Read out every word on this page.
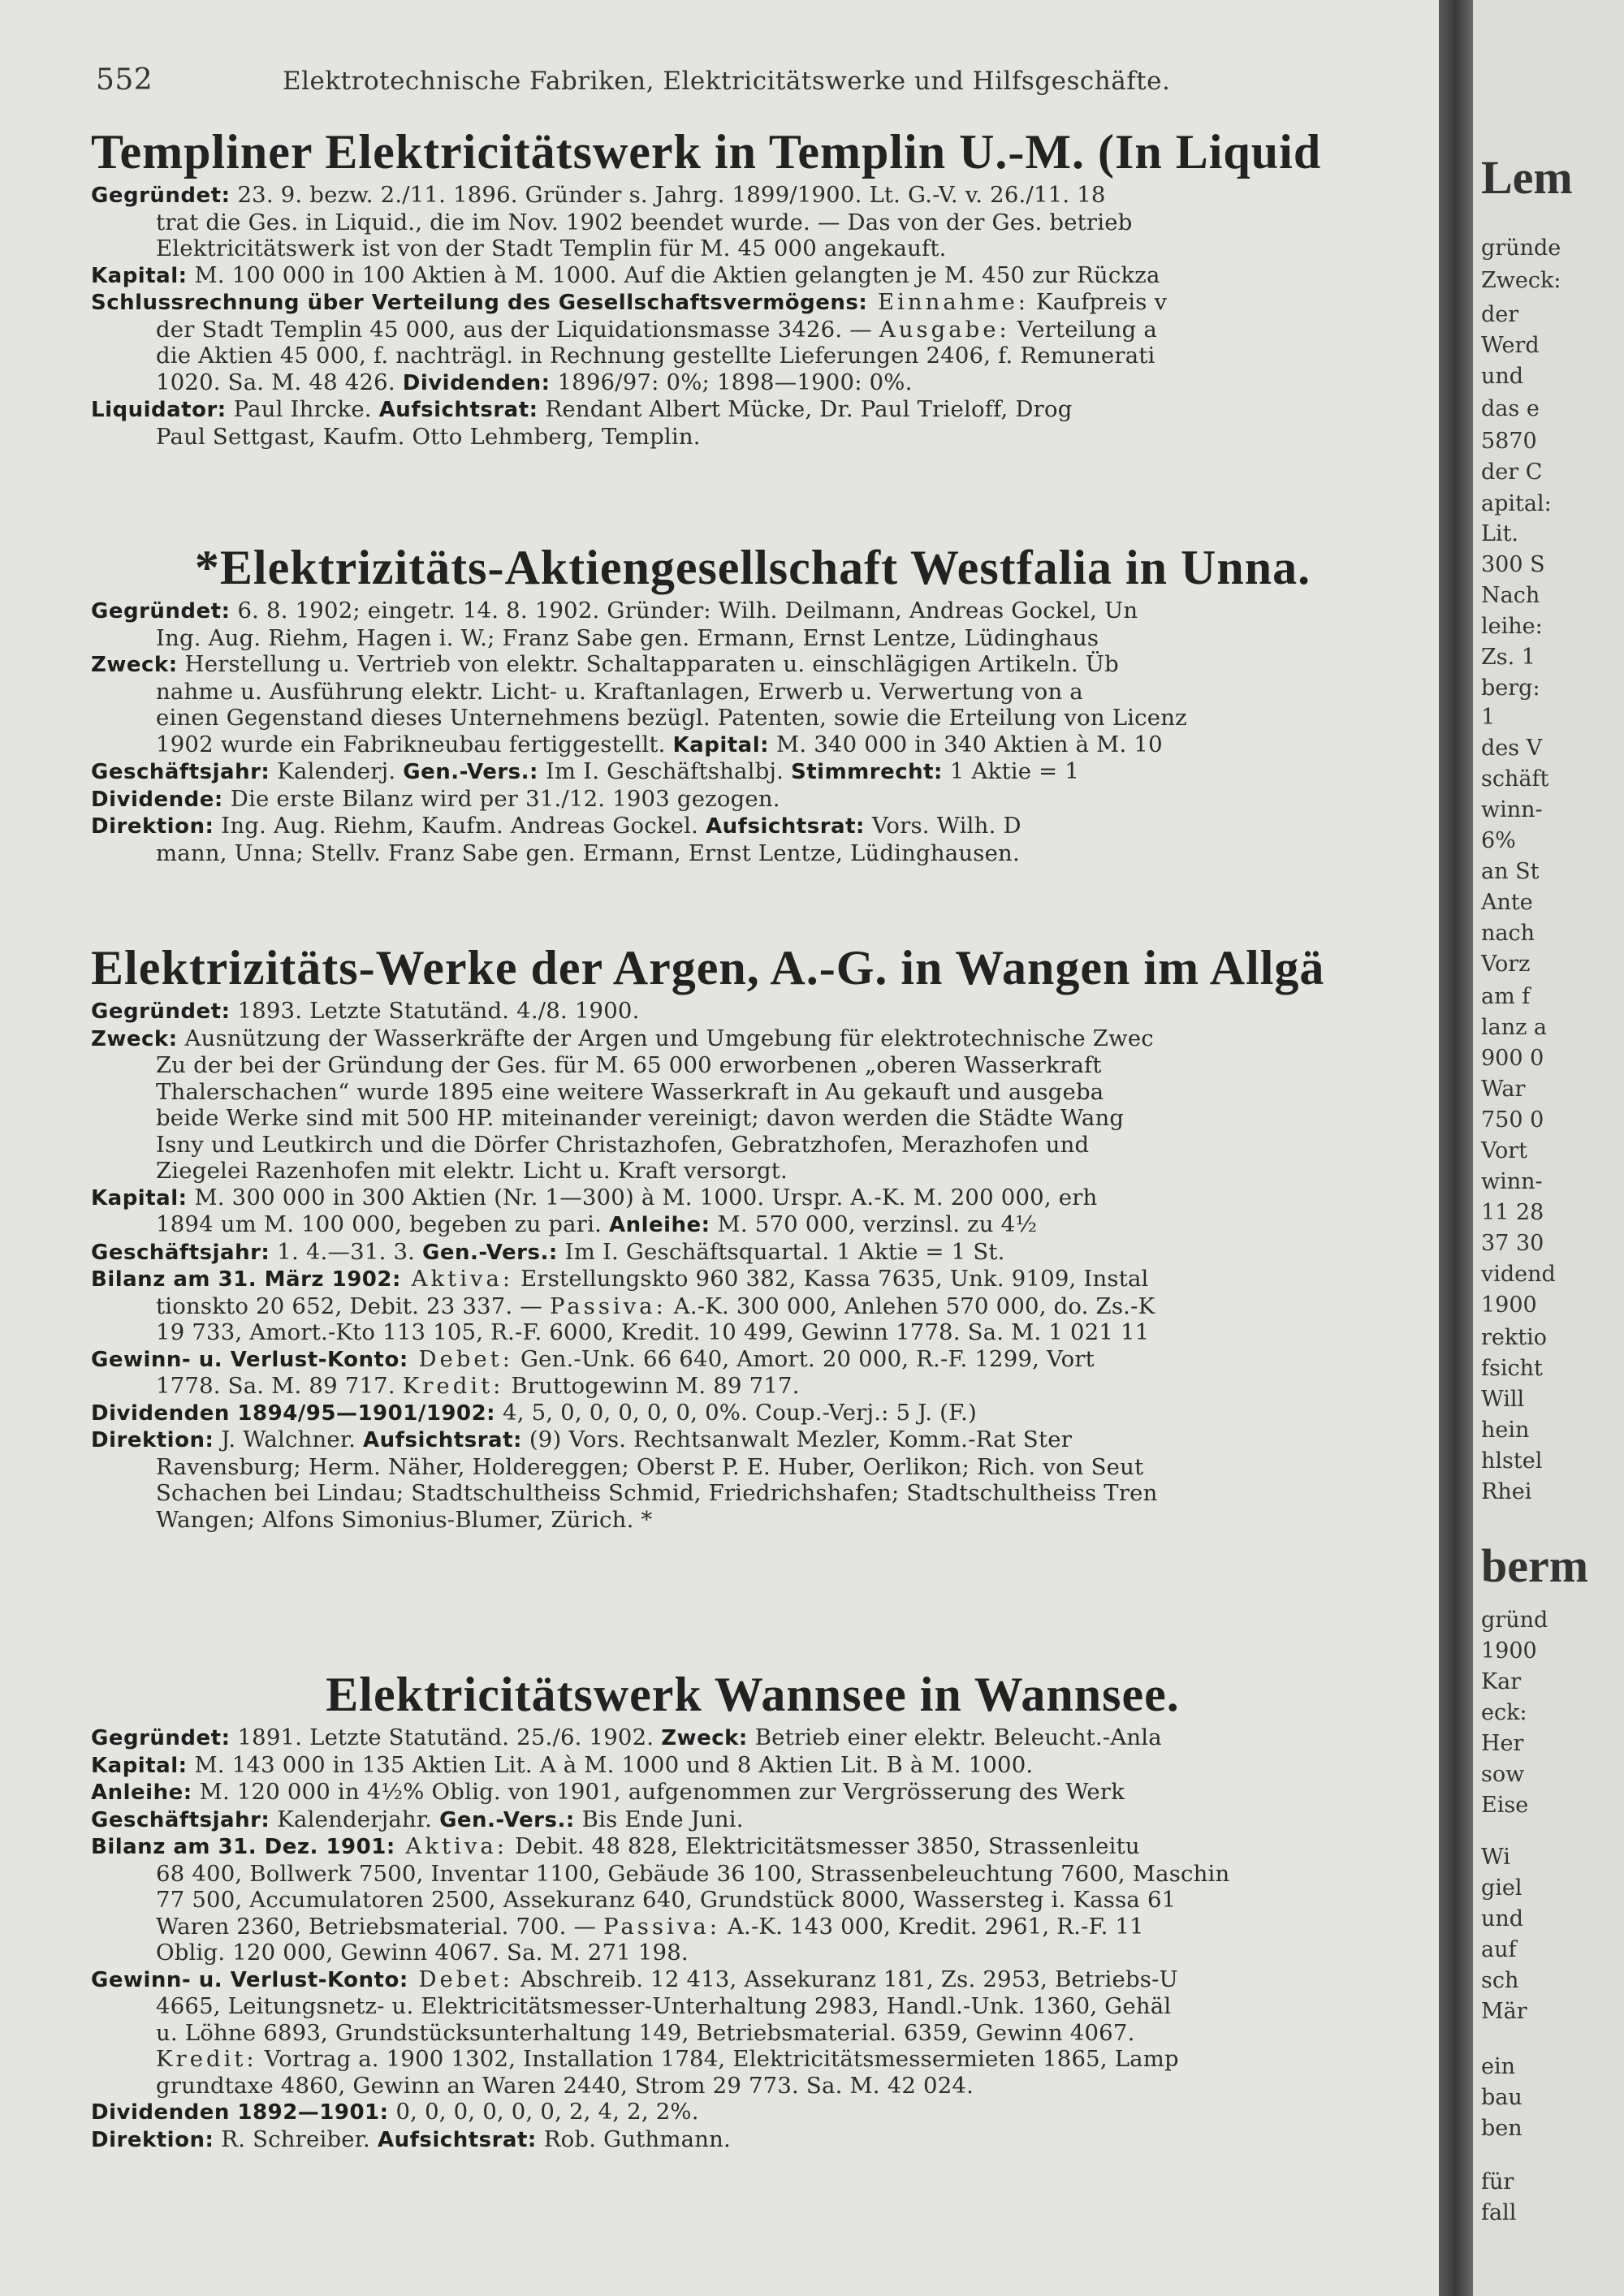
552	Elektrotechnische Fabriken, Elektricitätswerke und Hilfsgeschäfte.
Templiner Elektricitätswerk in Templin U.-M. (In Liquid
Gegründet: 23. 9. bezw. 2./11. 1896. Gründer s. Jahrg. 1899/1900. Lt. G.-V. v. 26./11. 18
trat die Ges. in Liquid., die im Nov. 1902 beendet wurde. — Das von der Ges. betrieb
Elektricitätswerk ist von der Stadt Templin für M. 45 000 angekauft.
Kapital: M. 100 000 in 100 Aktien à M. 1000. Auf die Aktien gelangten je M. 450 zur Rückza
Schlussrechnung über Verteilung des Gesellschaftsvermögens: Einnahme: Kaufpreis v
der Stadt Templin 45 000, aus der Liquidationsmasse 3426. — Ausgabe: Verteilung a
die Aktien 45 000, f. nachträgl. in Rechnung gestellte Lieferungen 2406, f. Remunerati
1020. Sa. M. 48 426. Dividenden: 1896/97: 0%; 1898—1900: 0%.
Liquidator: Paul Ihrcke. Aufsichtsrat: Rendant Albert Mücke, Dr. Paul Trieloff, Drog
Paul Settgast, Kaufm. Otto Lehmberg, Templin.
*Elektrizitäts-Aktiengesellschaft Westfalia in Unna.
Gegründet: 6. 8. 1902; eingetr. 14. 8. 1902. Gründer: Wilh. Deilmann, Andreas Gockel, Un
Ing. Aug. Riehm, Hagen i. W.; Franz Sabe gen. Ermann, Ernst Lentze, Lüdinghaus
Zweck: Herstellung u. Vertrieb von elektr. Schaltapparaten u. einschlägigen Artikeln. Üb
nahme u. Ausführung elektr. Licht- u. Kraftanlagen, Erwerb u. Verwertung von a
einen Gegenstand dieses Unternehmens bezügl. Patenten, sowie die Erteilung von Licenz
1902 wurde ein Fabrikneubau fertiggestellt. Kapital: M. 340 000 in 340 Aktien à M. 10
Geschäftsjahr: Kalenderj. Gen.-Vers.: Im I. Geschäftshalbj. Stimmrecht: 1 Aktie = 1
Dividende: Die erste Bilanz wird per 31./12. 1903 gezogen.
Direktion: Ing. Aug. Riehm, Kaufm. Andreas Gockel. Aufsichtsrat: Vors. Wilh. D
mann, Unna; Stellv. Franz Sabe gen. Ermann, Ernst Lentze, Lüdinghausen.
Elektrizitäts-Werke der Argen, A.-G. in Wangen im Allgä
Gegründet: 1893. Letzte Statutänd. 4./8. 1900.
Zweck: Ausnützung der Wasserkräfte der Argen und Umgebung für elektrotechnische Zwec
Zu der bei der Gründung der Ges. für M. 65 000 erworbenen „oberen Wasserkraft
Thalerschachen“ wurde 1895 eine weitere Wasserkraft in Au gekauft und ausgeba
beide Werke sind mit 500 HP. miteinander vereinigt; davon werden die Städte Wang
Isny und Leutkirch und die Dörfer Christazhofen, Gebratzhofen, Merazhofen und
Ziegelei Razenhofen mit elektr. Licht u. Kraft versorgt.
Kapital: M. 300 000 in 300 Aktien (Nr. 1—300) à M. 1000. Urspr. A.-K. M. 200 000, erh
1894 um M. 100 000, begeben zu pari. Anleihe: M. 570 000, verzinsl. zu 4½
Geschäftsjahr: 1. 4.—31. 3. Gen.-Vers.: Im I. Geschäftsquartal. 1 Aktie = 1 St.
Bilanz am 31. März 1902: Aktiva: Erstellungskto 960 382, Kassa 7635, Unk. 9109, Instal
tionskto 20 652, Debit. 23 337. — Passiva: A.-K. 300 000, Anlehen 570 000, do. Zs.-K
19 733, Amort.-Kto 113 105, R.-F. 6000, Kredit. 10 499, Gewinn 1778. Sa. M. 1 021 11
Gewinn- u. Verlust-Konto: Debet: Gen.-Unk. 66 640, Amort. 20 000, R.-F. 1299, Vort
1778. Sa. M. 89 717. Kredit: Bruttogewinn M. 89 717.
Dividenden 1894/95—1901/1902: 4, 5, 0, 0, 0, 0, 0, 0%. Coup.-Verj.: 5 J. (F.)
Direktion: J. Walchner. Aufsichtsrat: (9) Vors. Rechtsanwalt Mezler, Komm.-Rat Ster
Ravensburg; Herm. Näher, Holdereggen; Oberst P. E. Huber, Oerlikon; Rich. von Seut
Schachen bei Lindau; Stadtschultheiss Schmid, Friedrichshafen; Stadtschultheiss Tren
Wangen; Alfons Simonius-Blumer, Zürich. *
Elektricitätswerk Wannsee in Wannsee.
Gegründet: 1891. Letzte Statutänd. 25./6. 1902. Zweck: Betrieb einer elektr. Beleucht.-Anla
Kapital: M. 143 000 in 135 Aktien Lit. A à M. 1000 und 8 Aktien Lit. B à M. 1000.
Anleihe: M. 120 000 in 4½% Oblig. von 1901, aufgenommen zur Vergrösserung des Werk
Geschäftsjahr: Kalenderjahr. Gen.-Vers.: Bis Ende Juni.
Bilanz am 31. Dez. 1901: Aktiva: Debit. 48 828, Elektricitätsmesser 3850, Strassenleitu
68 400, Bollwerk 7500, Inventar 1100, Gebäude 36 100, Strassenbeleuchtung 7600, Maschin
77 500, Accumulatoren 2500, Assekuranz 640, Grundstück 8000, Wassersteg i. Kassa 61
Waren 2360, Betriebsmaterial. 700. — Passiva: A.-K. 143 000, Kredit. 2961, R.-F. 11
Oblig. 120 000, Gewinn 4067. Sa. M. 271 198.
Gewinn- u. Verlust-Konto: Debet: Abschreib. 12 413, Assekuranz 181, Zs. 2953, Betriebs-U
4665, Leitungsnetz- u. Elektricitätsmesser-Unterhaltung 2983, Handl.-Unk. 1360, Gehäl
u. Löhne 6893, Grundstücksunterhaltung 149, Betriebsmaterial. 6359, Gewinn 4067.
Kredit: Vortrag a. 1900 1302, Installation 1784, Elektricitätsmessermieten 1865, Lamp
grundtaxe 4860, Gewinn an Waren 2440, Strom 29 773. Sa. M. 42 024.
Dividenden 1892—1901: 0, 0, 0, 0, 0, 0, 2, 4, 2, 2%.
Direktion: R. Schreiber. Aufsichtsrat: Rob. Guthmann.
Lem
gründe
Zweck:
der
Werd
und
das e
5870
der C
apital:
Lit.
300 S
Nach
leihe:
Zs. 1
berg:
1
des V
schäft
winn-
6%
an St
Ante
nach
Vorz
am f
lanz a
900 0
War
750 0
Vort
winn-
11 28
37 30
vidend
1900
rektio
fsicht
Will
hein
hlstel
Rhei
berm
gründ
1900
Kar
eck:
Her
sow
Eise
Wi
giel
und
auf
sch
Mär
ein
bau
ben
für
fall
